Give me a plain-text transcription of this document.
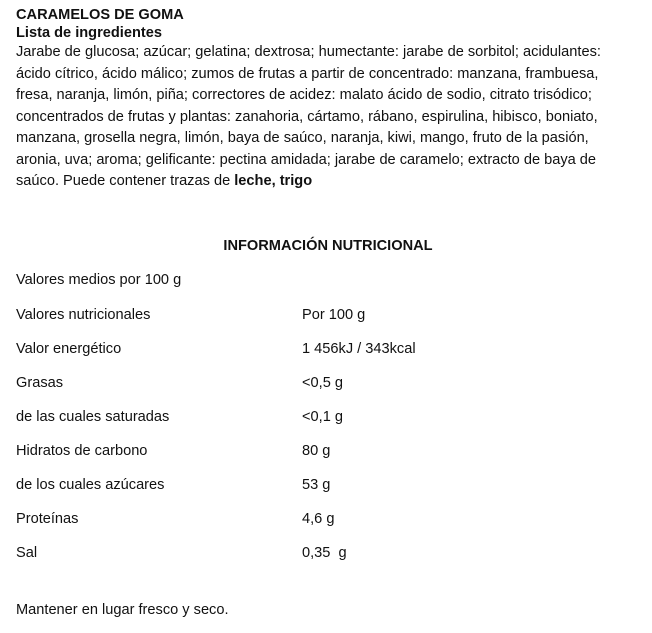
CARAMELOS DE GOMA

Lista de ingredientes

Jarabe de glucosa; azúcar; gelatina; dextrosa; humectante: jarabe de sorbitol; acidulantes: ácido cítrico, ácido málico; zumos de frutas a partir de concentrado: manzana, frambuesa, fresa, naranja, limón, piña; correctores de acidez: malato ácido de sodio, citrato trisódico; concentrados de frutas y plantas: zanahoria, cártamo, rábano, espirulina, hibisco, boniato, manzana, grosella negra, limón, baya de saúco, naranja, kiwi, mango, fruto de la pasión, aronia, uva; aroma; gelificante: pectina amidada; jarabe de caramelo; extracto de baya de saúco. Puede contener trazas de leche, trigo

INFORMACIÓN NUTRICIONAL

Valores medios por 100 g

Valores nutricionales	Por 100 g
Valor energético	1 456kJ / 343kcal
Grasas	<0,5 g
de las cuales saturadas	<0,1 g
Hidratos de carbono	80 g
de los cuales azúcares	53 g
Proteínas	4,6 g
Sal	0,35  g

Mantener en lugar fresco y seco.
